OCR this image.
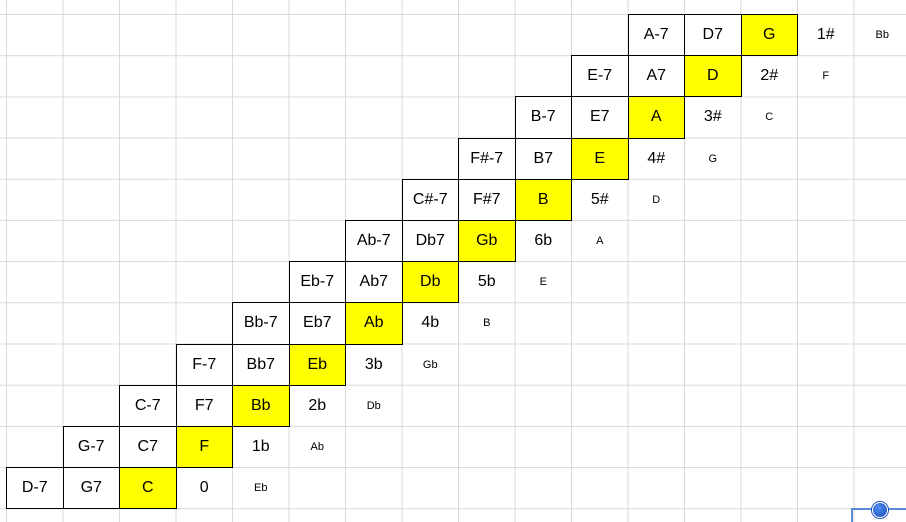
A-7	D7	G	1#	Bb
E-7	A7	D	2#	F
B-7	E7	A	3#	C
F#-7	B7	E	4#	G
C#-7	F#7	B	5#	D
Ab-7	Db7	Gb	6b	A
Eb-7	Ab7	Db	5b	E
Bb-7	Eb7	Ab	4b	B
F-7	Bb7	Eb	3b	Gb
C-7	F7	Bb	2b	Db
G-7	C7	F	1b	Ab
D-7	G7	C	0	Eb
